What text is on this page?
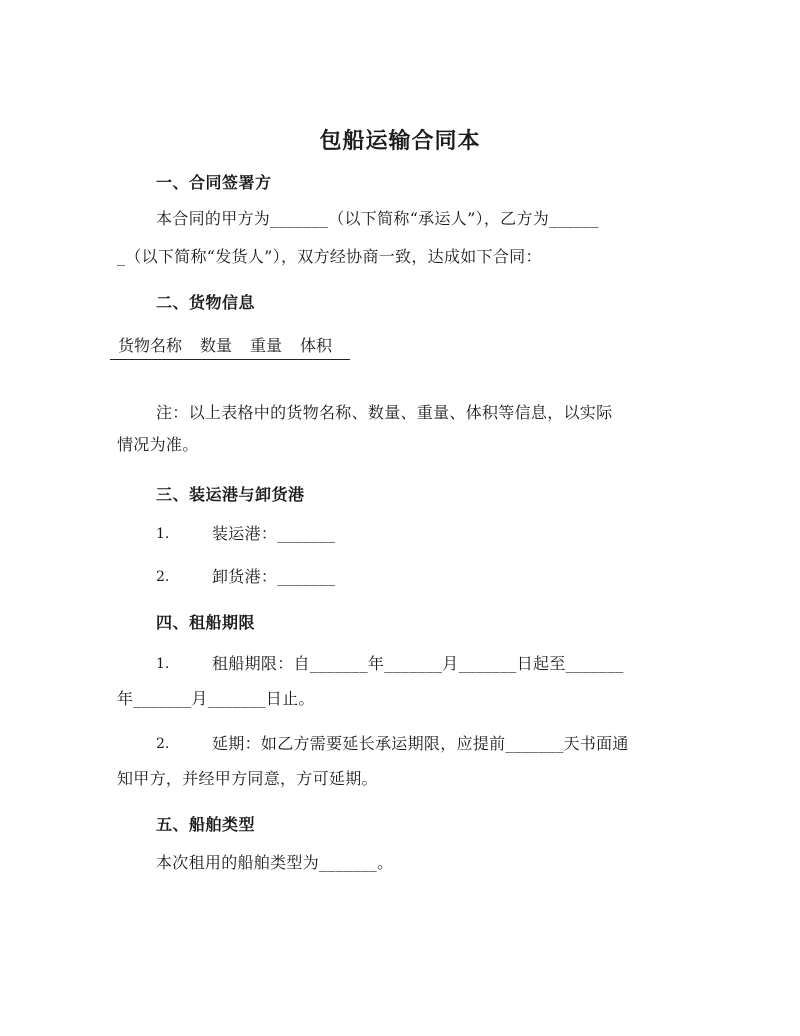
包船运输合同本
一、合同签署方
本合同的甲方为_______（以下简称“承运人”），乙方为______
_（以下简称“发货人”），双方经协商一致，达成如下合同：
二、货物信息
货物名称 数量 重量 体积
注：以上表格中的货物名称、数量、重量、体积等信息，以实际
情况为准。
三、装运港与卸货港
1.	装运港：_______
2.	卸货港：_______
四、租船期限
1.	租船期限：自_______年_______月_______日起至_______
年_______月_______日止。
2.	延期：如乙方需要延长承运期限，应提前_______天书面通
知甲方，并经甲方同意，方可延期。
五、船舶类型
本次租用的船舶类型为_______。
